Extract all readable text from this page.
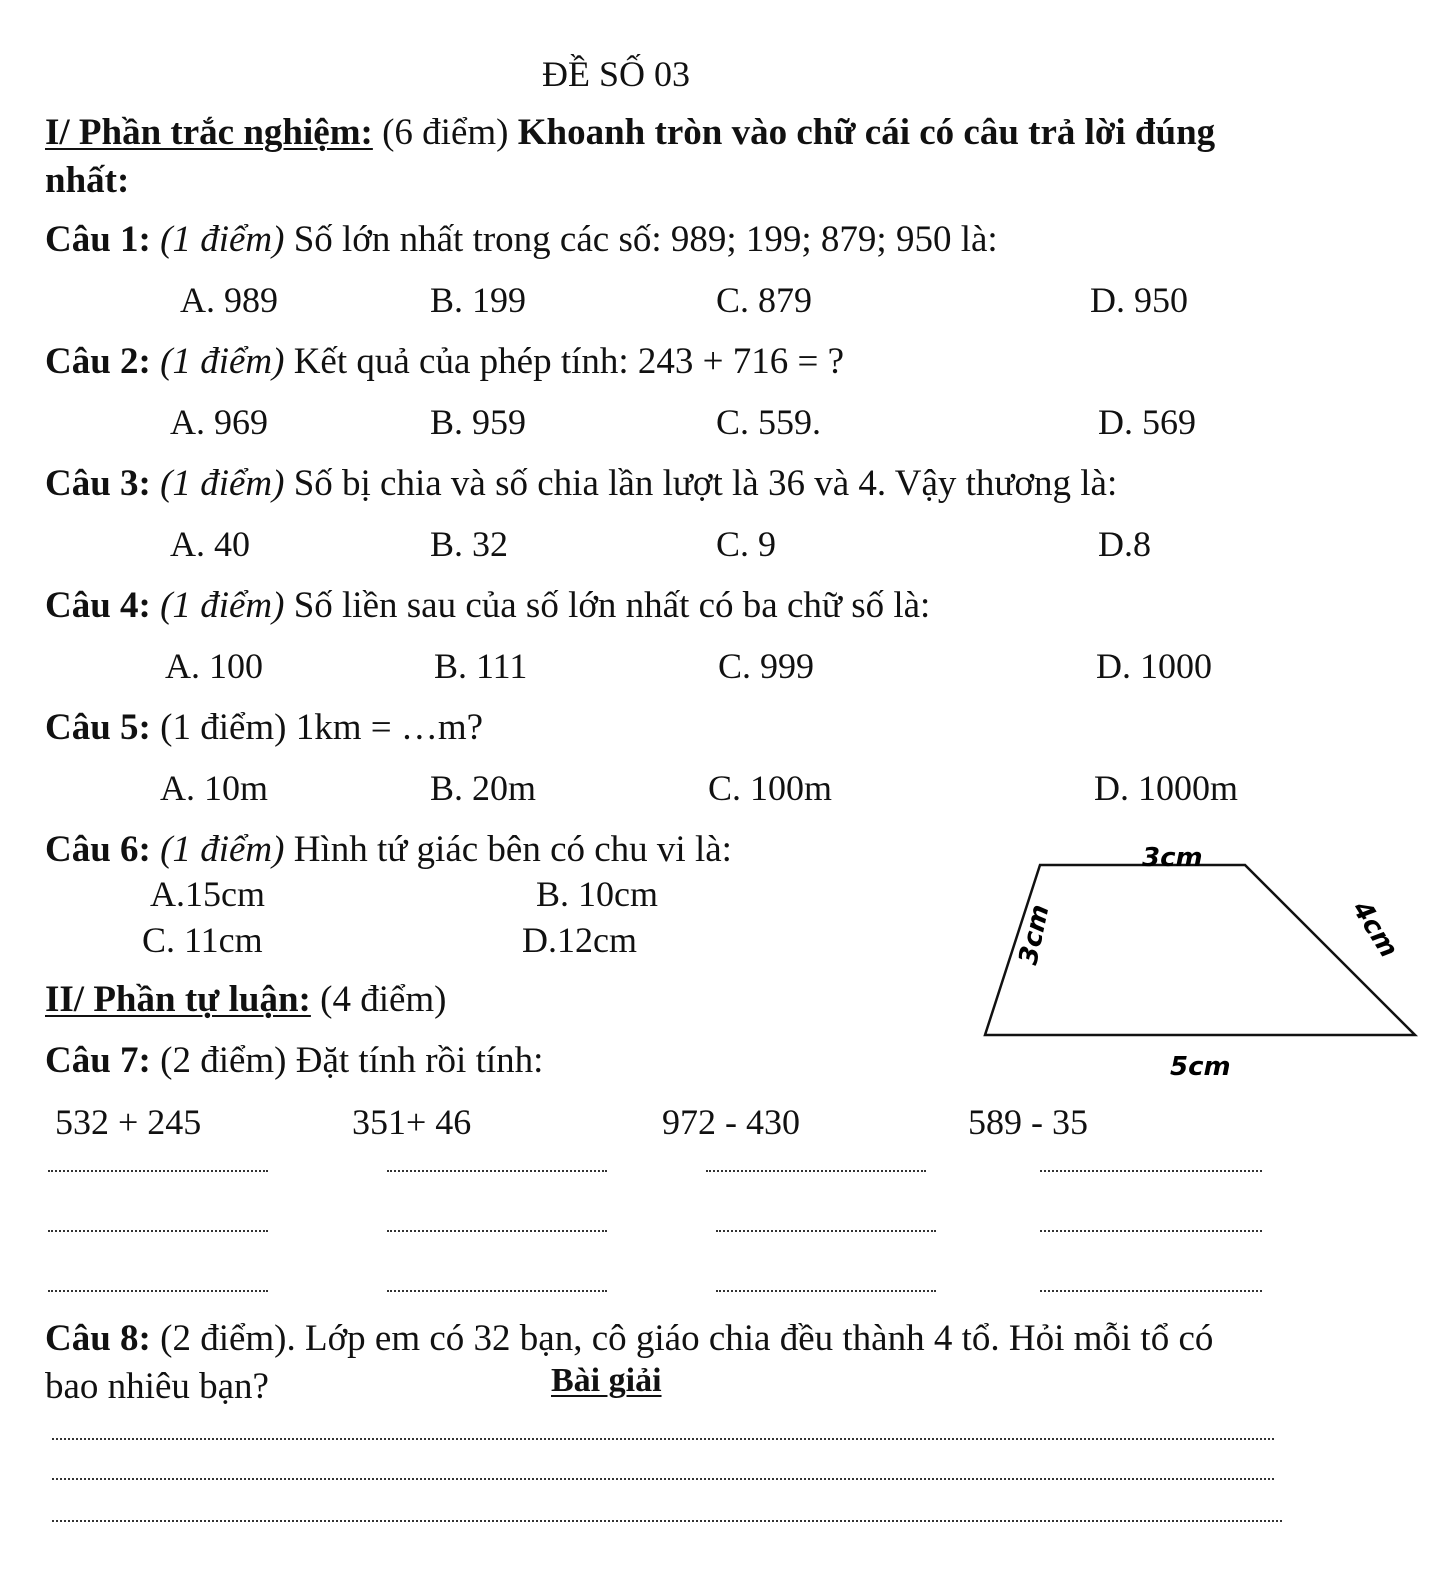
ĐỀ SỐ 03
I/ Phần trắc nghiệm: (6 điểm) Khoanh tròn vào chữ cái có câu trả lời đúng
nhất:
Câu 1: (1 điểm) Số lớn nhất trong các số: 989; 199; 879; 950 là:
A. 989	B. 199	C. 879	D. 950
Câu 2: (1 điểm) Kết quả của phép tính: 243 + 716 = ?
A. 969	B. 959	C. 559.	D. 569
Câu 3: (1 điểm) Số bị chia và số chia lần lượt là 36 và 4. Vậy thương là:
A. 40	B. 32	C. 9	D.8
Câu 4: (1 điểm) Số liền sau của số lớn nhất có ba chữ số là:
A. 100	B. 111	C. 999	D. 1000
Câu 5: (1 điểm) 1km = …m?
A. 10m	B. 20m	C. 100m	D. 1000m
Câu 6: (1 điểm) Hình tứ giác bên có chu vi là:
A.15cm	B. 10cm
C. 11cm	D.12cm
3cm
3cm	4cm
5cm
II/ Phần tự luận: (4 điểm)
Câu 7: (2 điểm) Đặt tính rồi tính:
532 + 245	351+ 46	972 - 430	589 - 35
Câu 8: (2 điểm). Lớp em có 32 bạn, cô giáo chia đều thành 4 tổ. Hỏi mỗi tổ có
bao nhiêu bạn?	Bài giải
